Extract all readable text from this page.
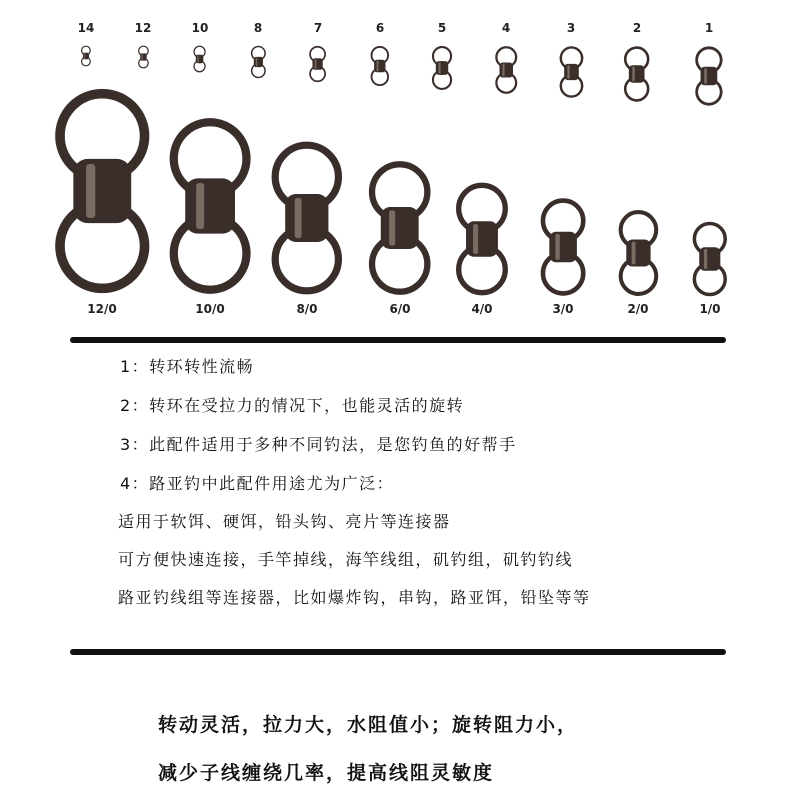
14	12	10	8	7	6	5	4	3	2	1
12/0	10/0	8/0	6/0	4/0	3/0	2/0	1/0
1：转环转性流畅
2：转环在受拉力的情况下，也能灵活的旋转
3：此配件适用于多种不同钓法，是您钓鱼的好帮手
4：路亚钓中此配件用途尤为广泛：
适用于软饵、硬饵，铅头钩、亮片等连接器
可方便快速连接，手竿掉线，海竿线组，矶钓组，矶钓钓线
路亚钓线组等连接器，比如爆炸钩，串钩，路亚饵，铅坠等等
转动灵活，拉力大，水阻值小；旋转阻力小，
减少子线缠绕几率，提高线阻灵敏度
